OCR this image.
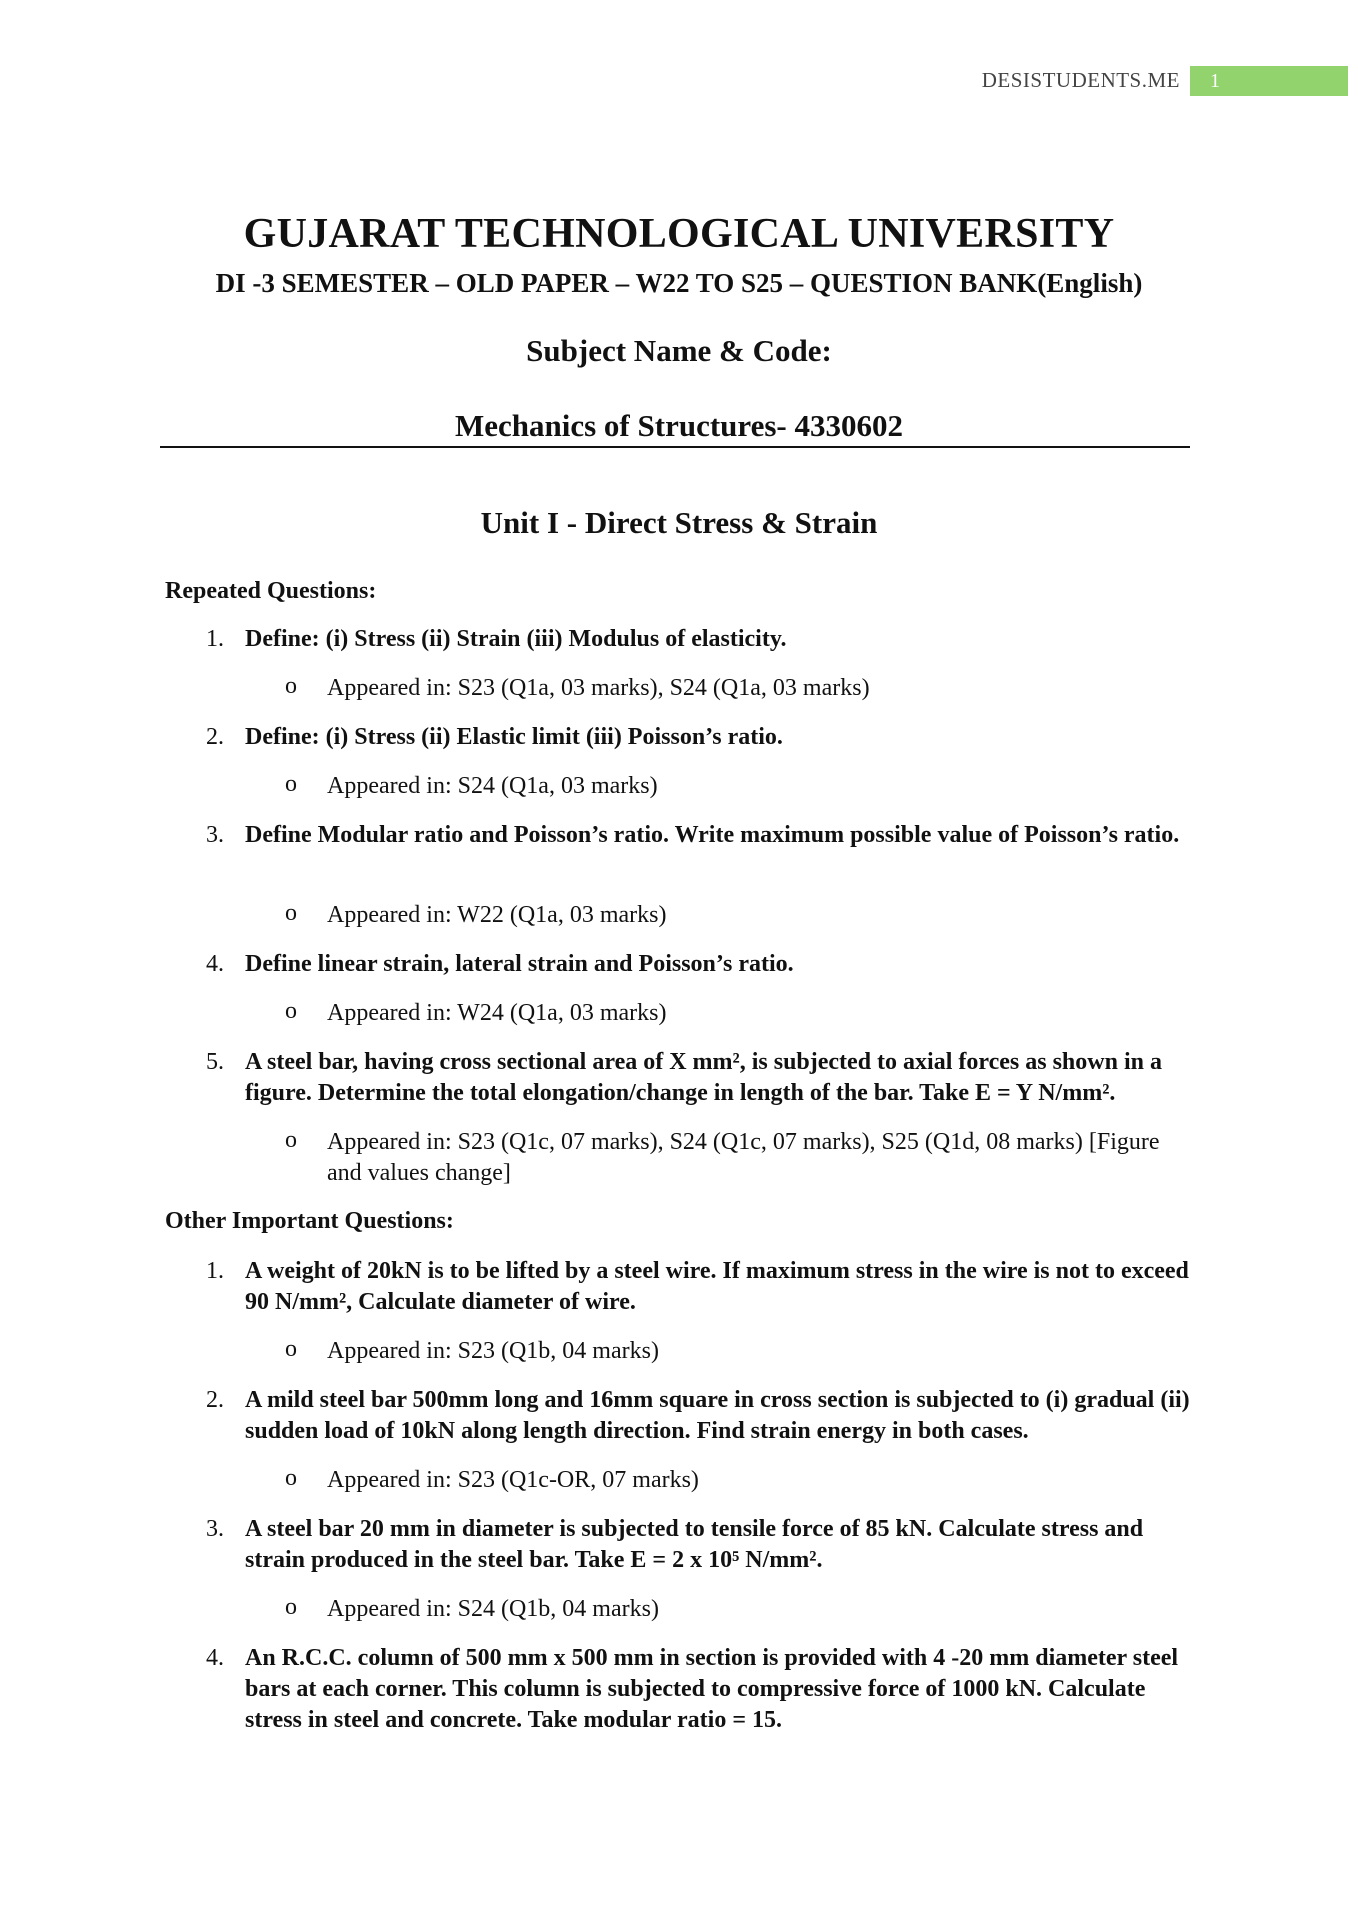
DESISTUDENTS.ME	1
GUJARAT TECHNOLOGICAL UNIVERSITY
DI -3 SEMESTER – OLD PAPER – W22 TO S25 – QUESTION BANK(English)
Subject Name & Code:
Mechanics of Structures- 4330602
Unit I - Direct Stress & Strain
Repeated Questions:
1. Define: (i) Stress (ii) Strain (iii) Modulus of elasticity.
o Appeared in: S23 (Q1a, 03 marks), S24 (Q1a, 03 marks)
2. Define: (i) Stress (ii) Elastic limit (iii) Poisson’s ratio.
o Appeared in: S24 (Q1a, 03 marks)
3. Define Modular ratio and Poisson’s ratio. Write maximum possible value of Poisson’s ratio.
o Appeared in: W22 (Q1a, 03 marks)
4. Define linear strain, lateral strain and Poisson’s ratio.
o Appeared in: W24 (Q1a, 03 marks)
5. A steel bar, having cross sectional area of X mm², is subjected to axial forces as shown in a figure. Determine the total elongation/change in length of the bar. Take E = Y N/mm².
o Appeared in: S23 (Q1c, 07 marks), S24 (Q1c, 07 marks), S25 (Q1d, 08 marks) [Figure and values change]
Other Important Questions:
1. A weight of 20kN is to be lifted by a steel wire. If maximum stress in the wire is not to exceed 90 N/mm², Calculate diameter of wire.
o Appeared in: S23 (Q1b, 04 marks)
2. A mild steel bar 500mm long and 16mm square in cross section is subjected to (i) gradual (ii) sudden load of 10kN along length direction. Find strain energy in both cases.
o Appeared in: S23 (Q1c-OR, 07 marks)
3. A steel bar 20 mm in diameter is subjected to tensile force of 85 kN. Calculate stress and strain produced in the steel bar. Take E = 2 x 10⁵ N/mm².
o Appeared in: S24 (Q1b, 04 marks)
4. An R.C.C. column of 500 mm x 500 mm in section is provided with 4 -20 mm diameter steel bars at each corner. This column is subjected to compressive force of 1000 kN. Calculate stress in steel and concrete. Take modular ratio = 15.
